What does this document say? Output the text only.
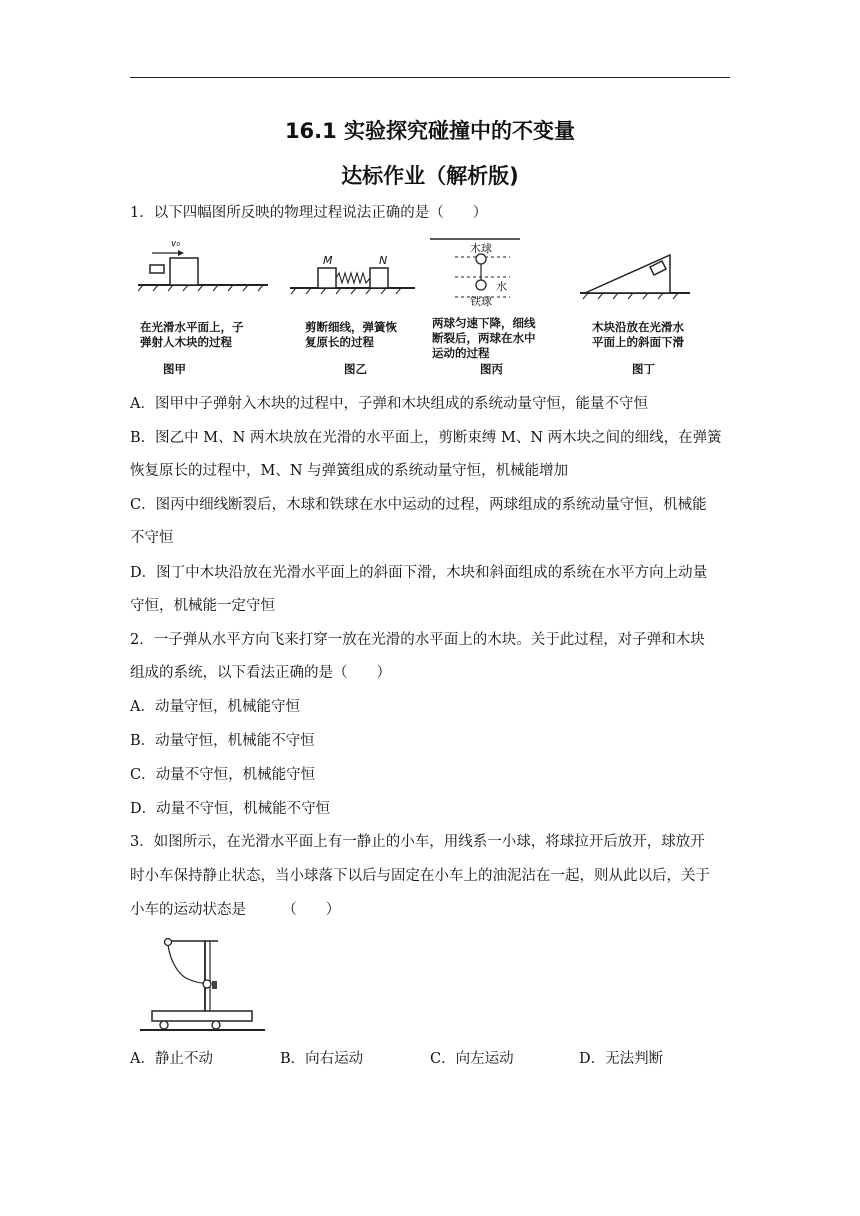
16.1 实验探究碰撞中的不变量
达标作业（解析版)
1．以下四幅图所反映的物理过程说法正确的是（　　）
v₀
在光滑水平面上，子
弹射人木块的过程
图甲
M	N
剪断细线，弹簧恢
复原长的过程
图乙
木球
水
铁球
两球匀速下降，细线
断裂后，两球在水中
运动的过程
图丙
木块沿放在光滑水
平面上的斜面下滑
图丁
A．图甲中子弹射入木块的过程中，子弹和木块组成的系统动量守恒，能量不守恒
B．图乙中 M、N 两木块放在光滑的水平面上，剪断束缚 M、N 两木块之间的细线，在弹簧
恢复原长的过程中，M、N 与弹簧组成的系统动量守恒，机械能增加
C．图丙中细线断裂后，木球和铁球在水中运动的过程，两球组成的系统动量守恒，机械能
不守恒
D．图丁中木块沿放在光滑水平面上的斜面下滑，木块和斜面组成的系统在水平方向上动量
守恒，机械能一定守恒
2．一子弹从水平方向飞来打穿一放在光滑的水平面上的木块。关于此过程，对子弹和木块
组成的系统，以下看法正确的是（　　）
A．动量守恒，机械能守恒
B．动量守恒，机械能不守恒
C．动量不守恒，机械能守恒
D．动量不守恒，机械能不守恒
3．如图所示，在光滑水平面上有一静止的小车，用线系一小球，将球拉开后放开，球放开
时小车保持静止状态，当小球落下以后与固定在小车上的油泥沾在一起，则从此以后，关于
小车的运动状态是　　　（　　）
A．静止不动	B．向右运动	C．向左运动	D．无法判断
